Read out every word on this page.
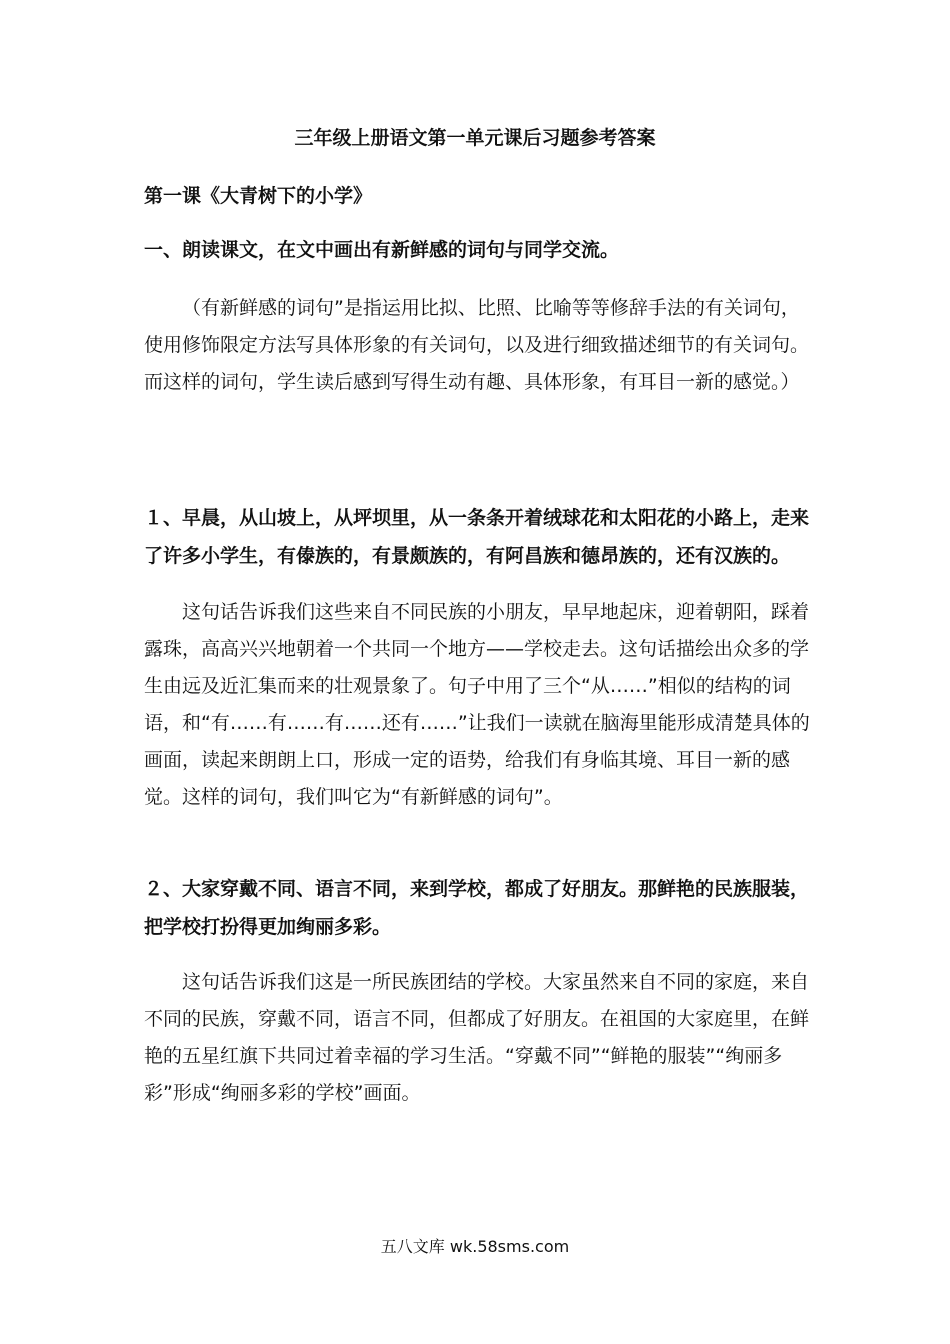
三年级上册语文第一单元课后习题参考答案
第一课《大青树下的小学》
一、朗读课文，在文中画出有新鲜感的词句与同学交流。
（有新鲜感的词句”是指运用比拟、比照、比喻等等修辞手法的有关词句，使用修饰限定方法写具体形象的有关词句，以及进行细致描述细节的有关词句。而这样的词句，学生读后感到写得生动有趣、具体形象，有耳目一新的感觉。）
１、早晨，从山坡上，从坪坝里，从一条条开着绒球花和太阳花的小路上，走来了许多小学生，有傣族的，有景颇族的，有阿昌族和德昂族的，还有汉族的。
这句话告诉我们这些来自不同民族的小朋友，早早地起床，迎着朝阳，踩着露珠，高高兴兴地朝着一个共同一个地方——学校走去。这句话描绘出众多的学生由远及近汇集而来的壮观景象了。句子中用了三个“从……”相似的结构的词语，和“有……有……有……还有……”让我们一读就在脑海里能形成清楚具体的画面，读起来朗朗上口，形成一定的语势，给我们有身临其境、耳目一新的感觉。这样的词句，我们叫它为“有新鲜感的词句”。
２、大家穿戴不同、语言不同，来到学校，都成了好朋友。那鲜艳的民族服装，把学校打扮得更加绚丽多彩。
这句话告诉我们这是一所民族团结的学校。大家虽然来自不同的家庭，来自不同的民族，穿戴不同，语言不同，但都成了好朋友。在祖国的大家庭里，在鲜艳的五星红旗下共同过着幸福的学习生活。“穿戴不同”“鲜艳的服装”“绚丽多彩”形成“绚丽多彩的学校”画面。
五八文库 wk.58sms.com
